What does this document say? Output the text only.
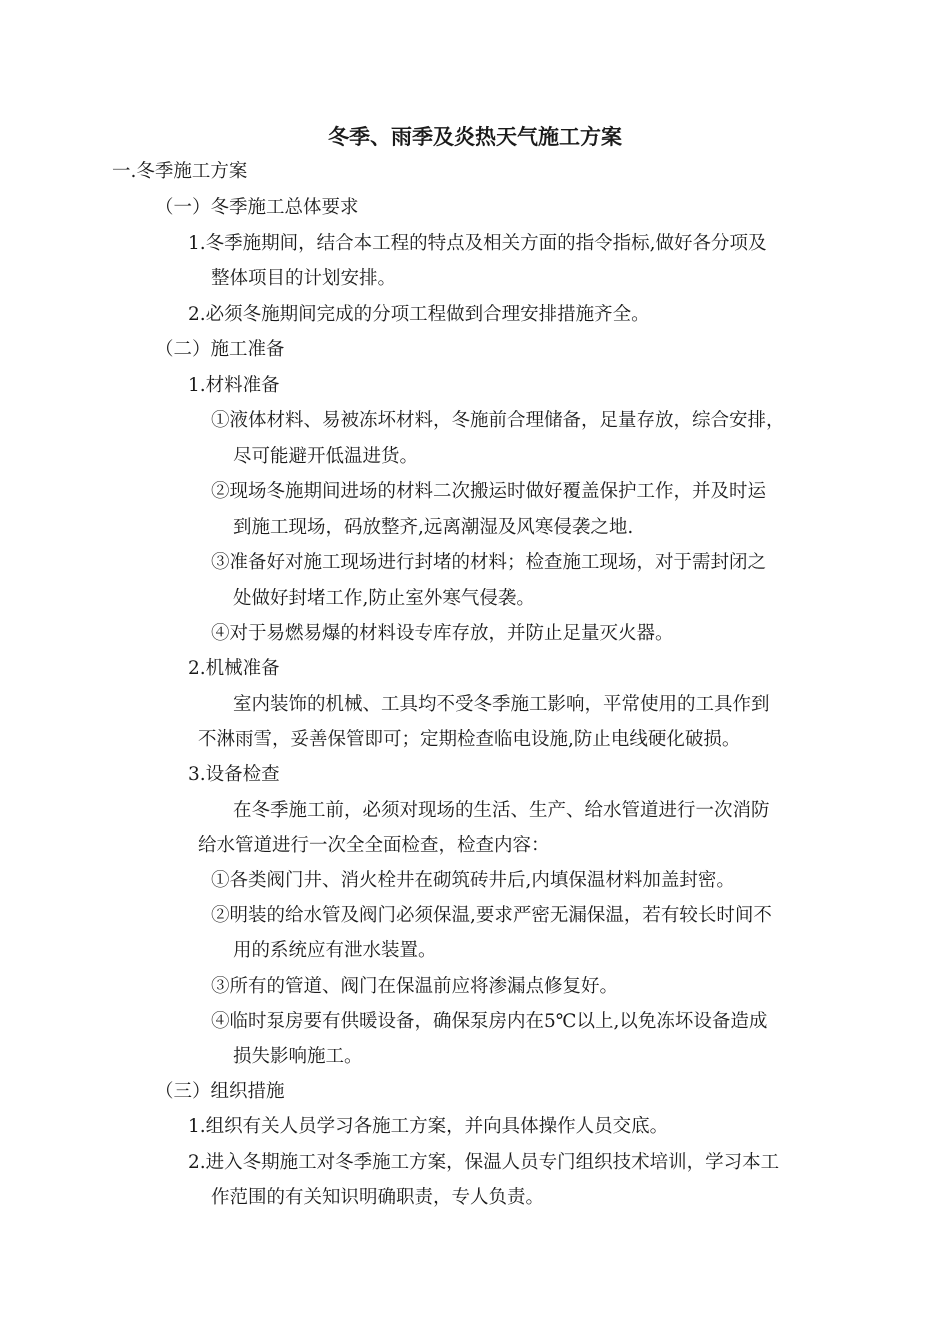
冬季、雨季及炎热天气施工方案
一.冬季施工方案
（一）冬季施工总体要求
1.冬季施期间，结合本工程的特点及相关方面的指令指标,做好各分项及
整体项目的计划安排。
2.必须冬施期间完成的分项工程做到合理安排措施齐全。
（二）施工准备
1.材料准备
①液体材料、易被冻坏材料，冬施前合理储备，足量存放，综合安排，
尽可能避开低温进货。
②现场冬施期间进场的材料二次搬运时做好覆盖保护工作，并及时运
到施工现场，码放整齐,远离潮湿及风寒侵袭之地.
③准备好对施工现场进行封堵的材料；检查施工现场，对于需封闭之
处做好封堵工作,防止室外寒气侵袭。
④对于易燃易爆的材料设专库存放，并防止足量灭火器。
2.机械准备
室内装饰的机械、工具均不受冬季施工影响，平常使用的工具作到
不淋雨雪，妥善保管即可；定期检查临电设施,防止电线硬化破损。
3.设备检查
在冬季施工前，必须对现场的生活、生产、给水管道进行一次消防
给水管道进行一次全全面检查，检查内容：
①各类阀门井、消火栓井在砌筑砖井后,内填保温材料加盖封密。
②明装的给水管及阀门必须保温,要求严密无漏保温，若有较长时间不
用的系统应有泄水装置。
③所有的管道、阀门在保温前应将渗漏点修复好。
④临时泵房要有供暖设备，确保泵房内在5℃以上,以免冻坏设备造成
损失影响施工。
（三）组织措施
1.组织有关人员学习各施工方案，并向具体操作人员交底。
2.进入冬期施工对冬季施工方案，保温人员专门组织技术培训，学习本工
作范围的有关知识明确职责，专人负责。
